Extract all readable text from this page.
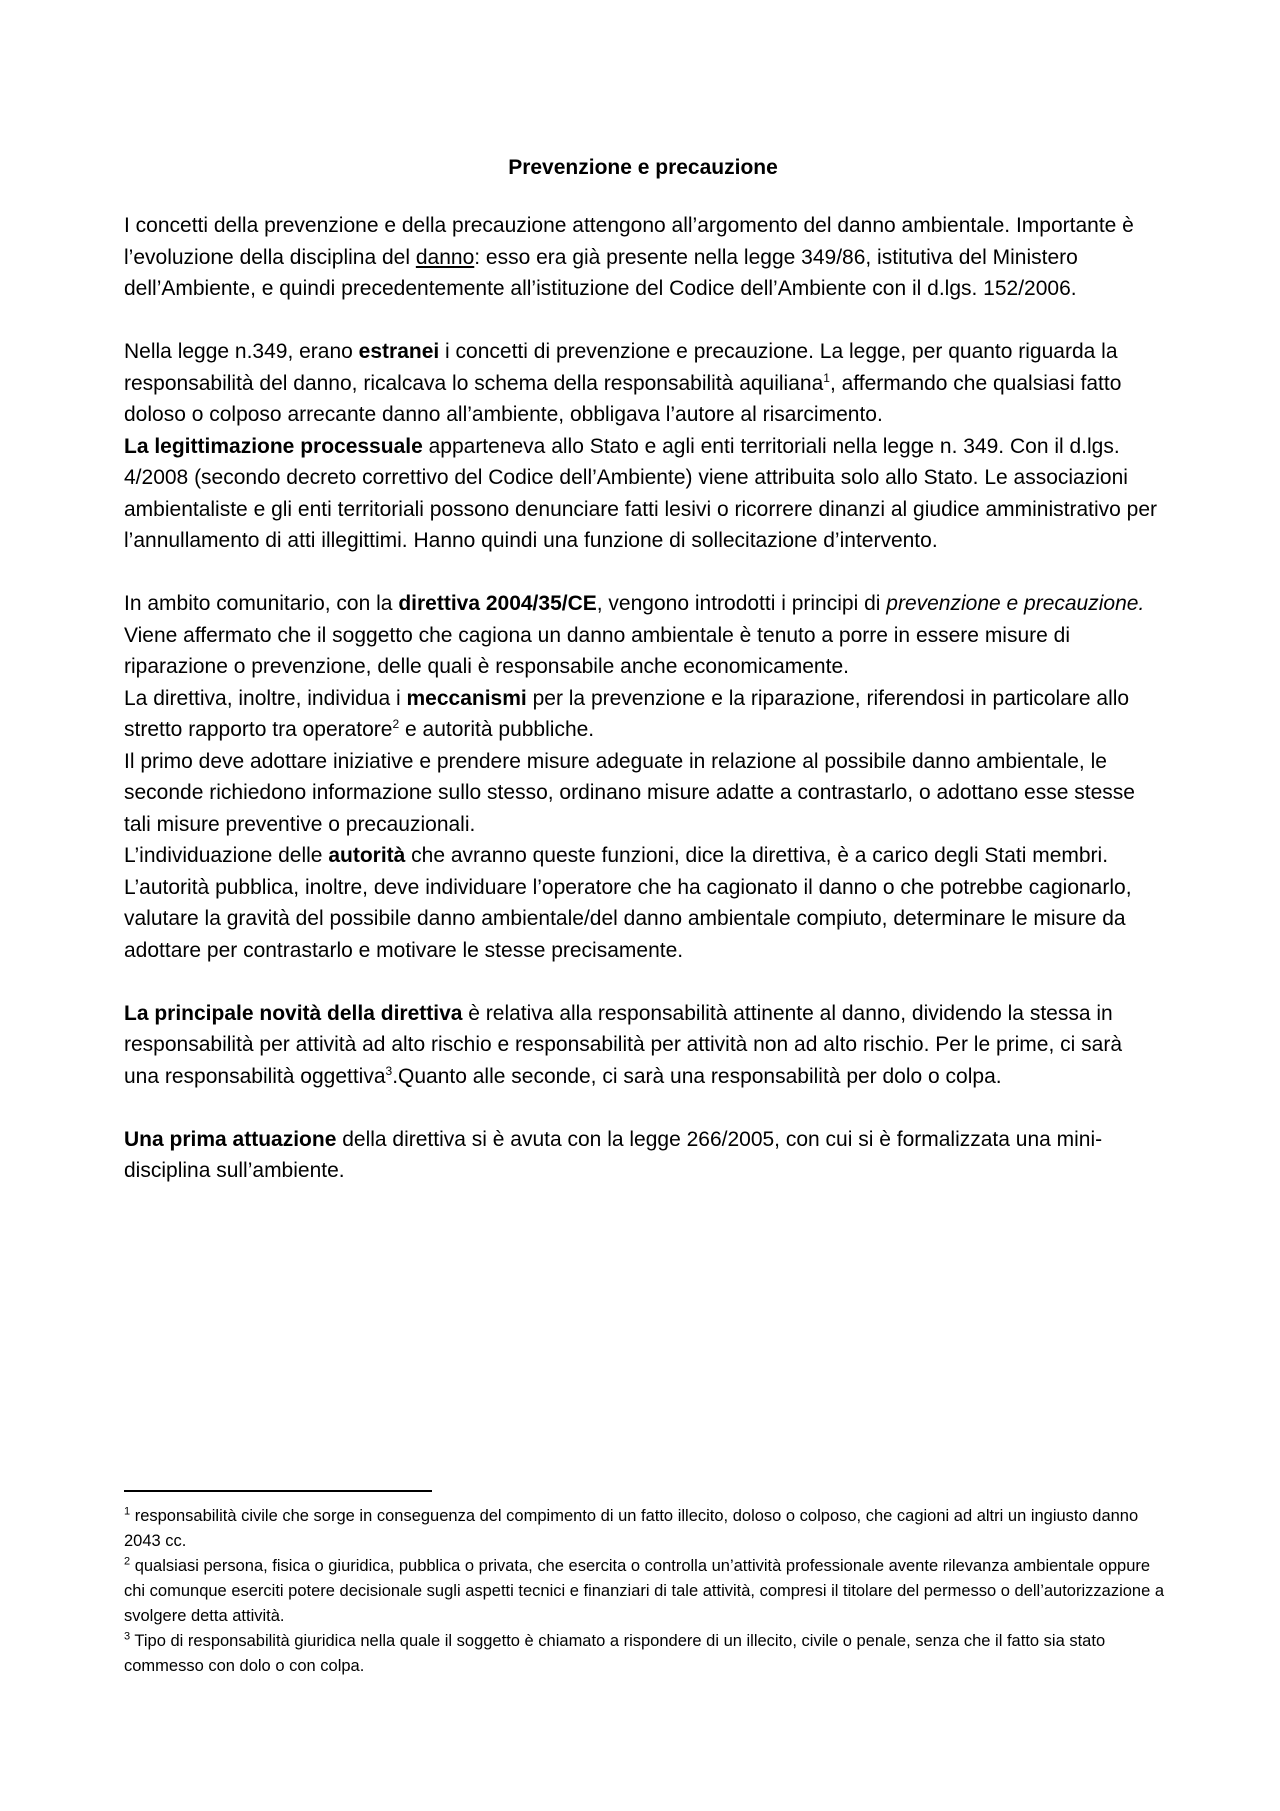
Prevenzione e precauzione

I concetti della prevenzione e della precauzione attengono all’argomento del danno ambientale. Importante è l’evoluzione della disciplina del danno: esso era già presente nella legge 349/86, istitutiva del Ministero dell’Ambiente, e quindi precedentemente all’istituzione del Codice dell’Ambiente con il d.lgs. 152/2006.

Nella legge n.349, erano estranei i concetti di prevenzione e precauzione. La legge, per quanto riguarda la responsabilità del danno, ricalcava lo schema della responsabilità aquiliana$^1$, affermando che qualsiasi fatto doloso o colposo arrecante danno all’ambiente, obbligava l’autore al risarcimento.

La legittimazione processuale apparteneva allo Stato e agli enti territoriali nella legge n. 349. Con il d.lgs. 4/2008 (secondo decreto correttivo del Codice dell’Ambiente) viene attribuita solo allo Stato. Le associazioni ambientaliste e gli enti territoriali possono denunciare fatti lesivi o ricorrere dinanzi al giudice amministrativo per l’annullamento di atti illegittimi. Hanno quindi una funzione di sollecitazione d’intervento.

In ambito comunitario, con la direttiva 2004/35/CE, vengono introdotti i principi di prevenzione e precauzione.

Viene affermato che il soggetto che cagiona un danno ambientale è tenuto a porre in essere misure di riparazione o prevenzione, delle quali è responsabile anche economicamente.

La direttiva, inoltre, individua i meccanismi per la prevenzione e la riparazione, riferendosi in particolare allo stretto rapporto tra operatore$^2$ e autorità pubbliche.

Il primo deve adottare iniziative e prendere misure adeguate in relazione al possibile danno ambientale, le seconde richiedono informazione sullo stesso, ordinano misure adatte a contrastarlo, o adottano esse stesse tali misure preventive o precauzionali.

L’individuazione delle autorità che avranno queste funzioni, dice la direttiva, è a carico degli Stati membri.

L’autorità pubblica, inoltre, deve individuare l’operatore che ha cagionato il danno o che potrebbe cagionarlo, valutare la gravità del possibile danno ambientale/del danno ambientale compiuto, determinare le misure da adottare per contrastarlo e motivare le stesse precisamente.

La principale novità della direttiva è relativa alla responsabilità attinente al danno, dividendo la stessa in responsabilità per attività ad alto rischio e responsabilità per attività non ad alto rischio. Per le prime, ci sarà una responsabilità oggettiva$^3$.Quanto alle seconde, ci sarà una responsabilità per dolo o colpa.

Una prima attuazione della direttiva si è avuta con la legge 266/2005, con cui si è formalizzata una mini-disciplina sull’ambiente.

$^1$ responsabilità civile che sorge in conseguenza del compimento di un fatto illecito, doloso o colposo, che cagioni ad altri un ingiusto danno 2043 cc.

$^2$ qualsiasi persona, fisica o giuridica, pubblica o privata, che esercita o controlla un’attività professionale avente rilevanza ambientale oppure chi comunque eserciti potere decisionale sugli aspetti tecnici e finanziari di tale attività, compresi il titolare del permesso o dell’autorizzazione a svolgere detta attività.

$^3$ Tipo di responsabilità giuridica nella quale il soggetto è chiamato a rispondere di un illecito, civile o penale, senza che il fatto sia stato commesso con dolo o con colpa.
